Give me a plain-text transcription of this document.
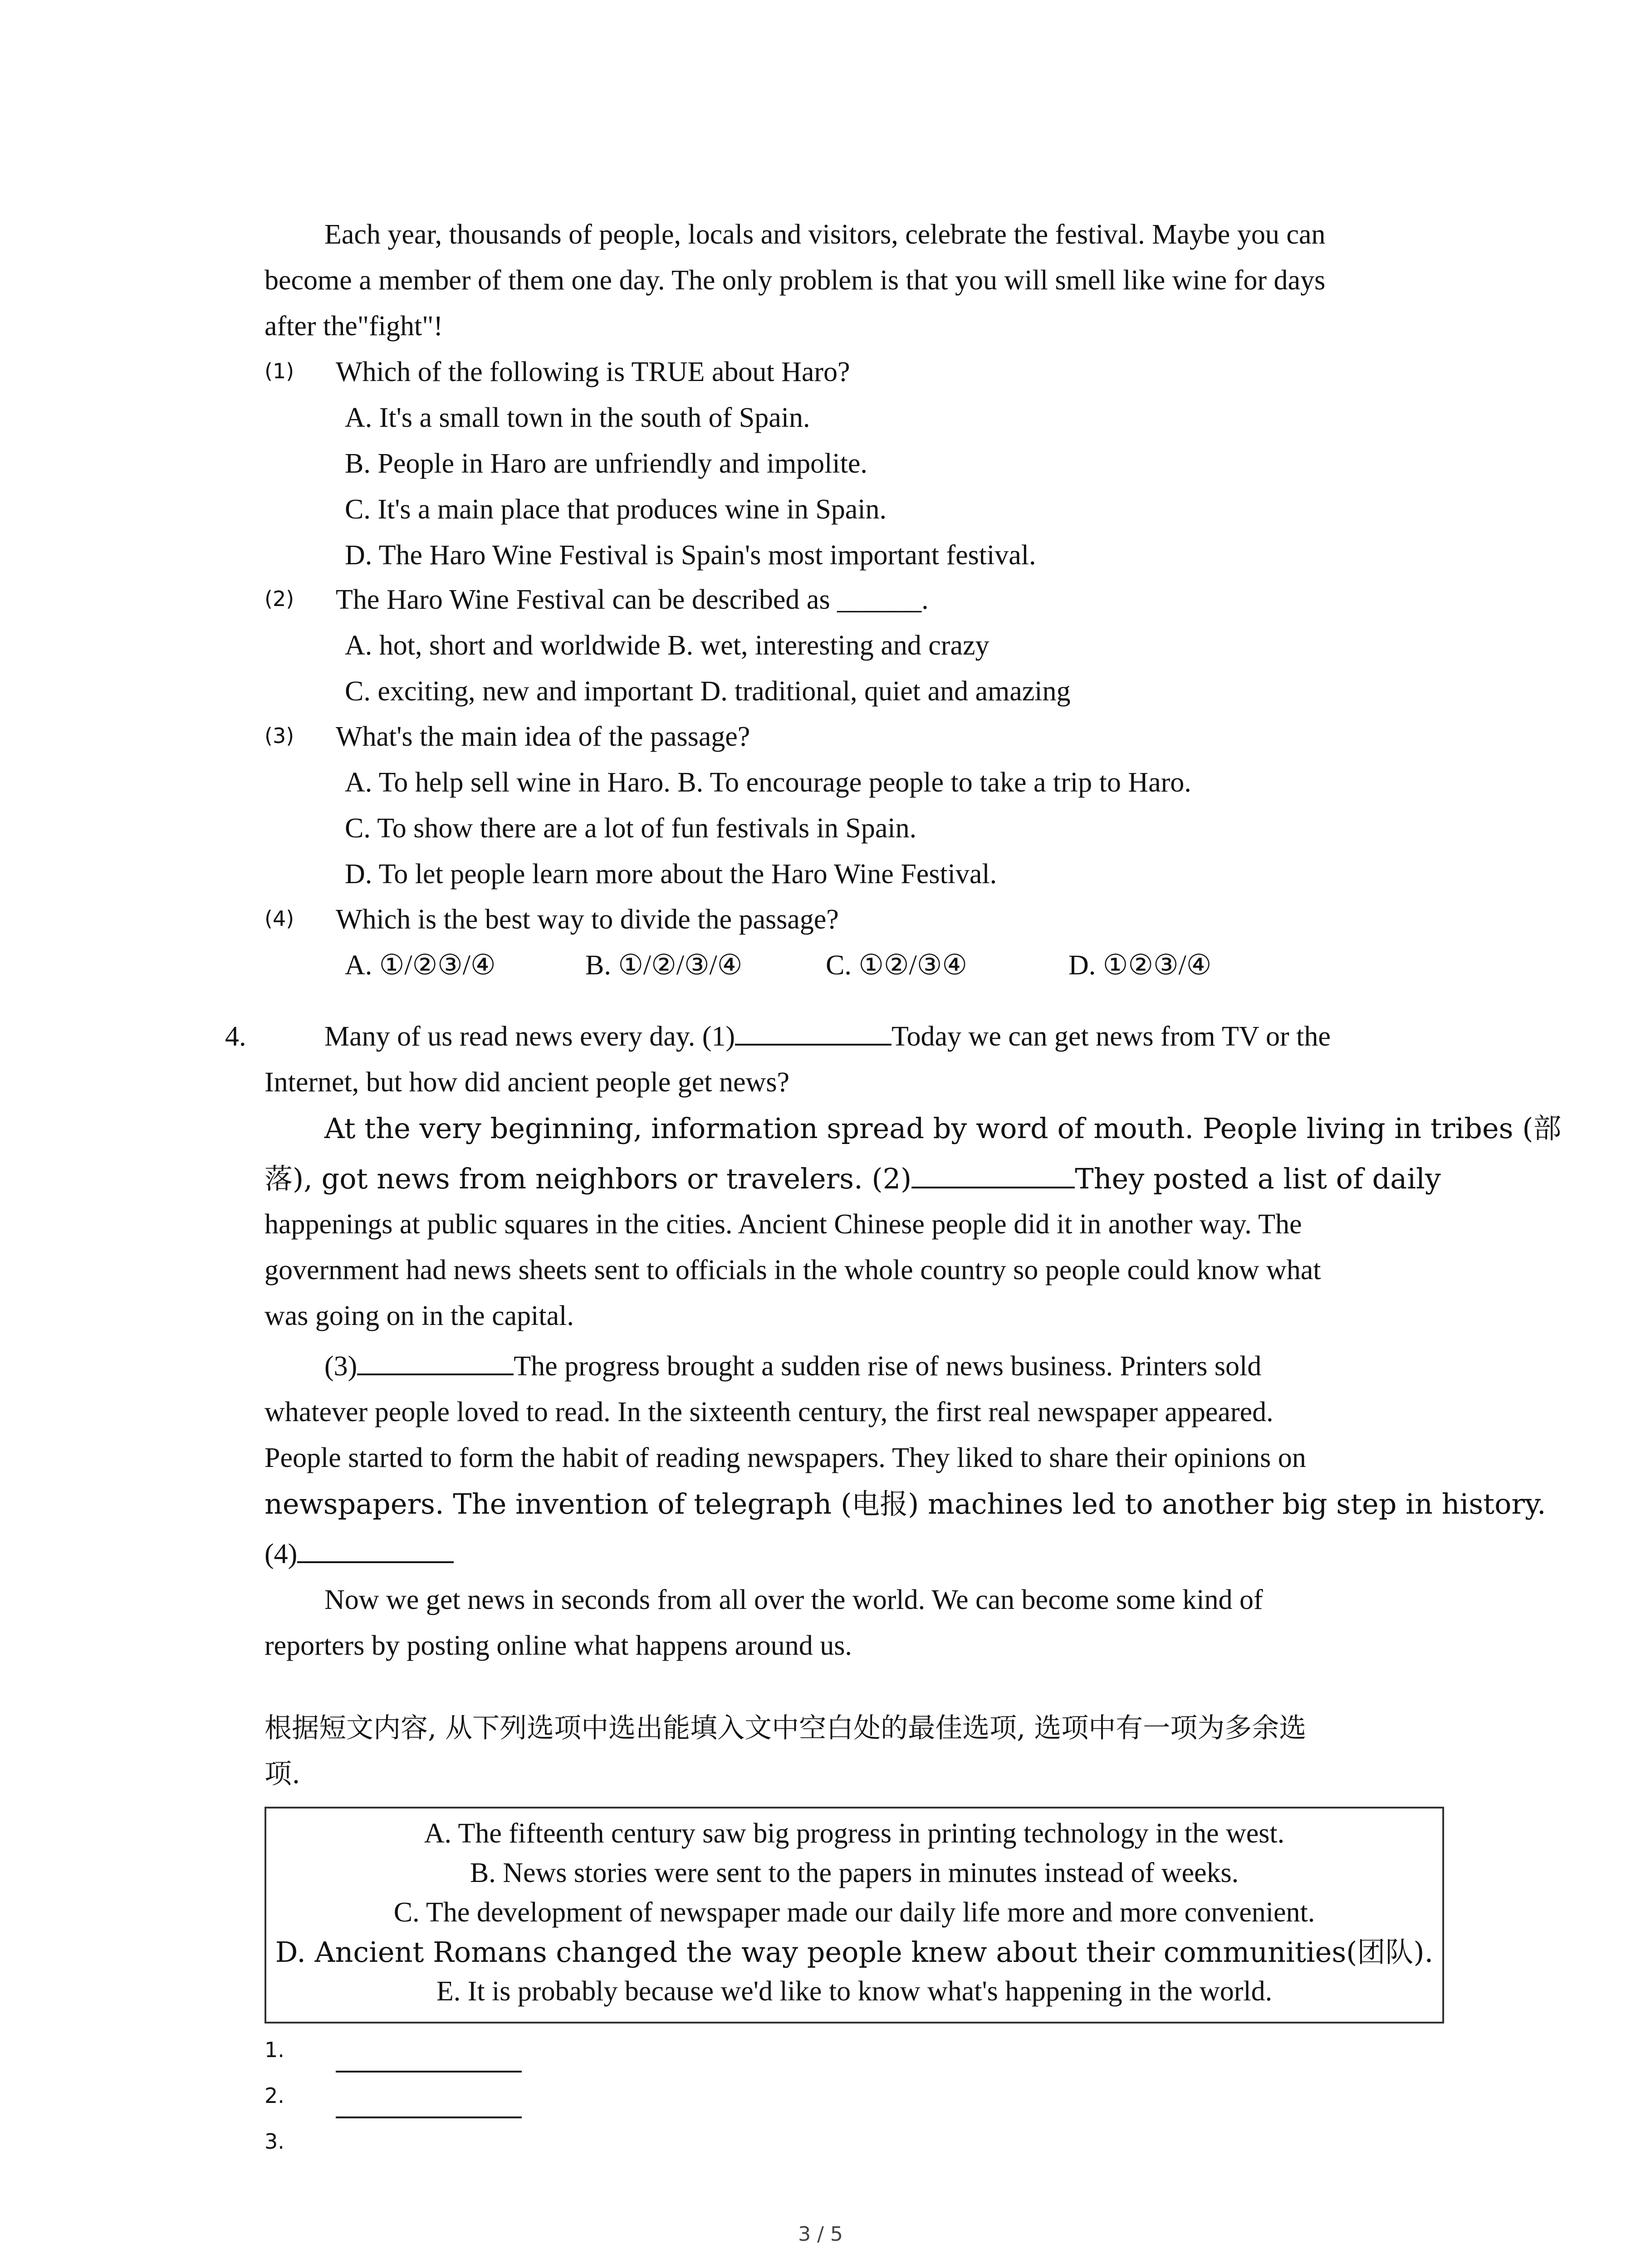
Each year, thousands of people, locals and visitors, celebrate the festival. Maybe you can
become a member of them one day. The only problem is that you will smell like wine for days
after the"fight"!
(1) Which of the following is TRUE about Haro?
A. It's a small town in the south of Spain.
B. People in Haro are unfriendly and impolite.
C. It's a main place that produces wine in Spain.
D. The Haro Wine Festival is Spain's most important festival.
(2) The Haro Wine Festival can be described as ______.
A. hot, short and worldwide B. wet, interesting and crazy
C. exciting, new and important D. traditional, quiet and amazing
(3) What's the main idea of the passage?
A. To help sell wine in Haro. B. To encourage people to take a trip to Haro.
C. To show there are a lot of fun festivals in Spain.
D. To let people learn more about the Haro Wine Festival.
(4) Which is the best way to divide the passage?
A. ①/②③/④	B. ①/②/③/④	C. ①②/③④	D. ①②③/④
4.	Many of us read news every day. (1)	Today we can get news from TV or the
Internet, but how did ancient people get news?
At the very beginning, information spread by word of mouth. People living in tribes (部
落), got news from neighbors or travelers. (2)	They posted a list of daily
happenings at public squares in the cities. Ancient Chinese people did it in another way. The
government had news sheets sent to officials in the whole country so people could know what
was going on in the capital.
(3)	The progress brought a sudden rise of news business. Printers sold
whatever people loved to read. In the sixteenth century, the first real newspaper appeared.
People started to form the habit of reading newspapers. They liked to share their opinions on
newspapers. The invention of telegraph (电报) machines led to another big step in history.
(4)
Now we get news in seconds from all over the world. We can become some kind of
reporters by posting online what happens around us.
根据短文内容, 从下列选项中选出能填入文中空白处的最佳选项, 选项中有一项为多余选
项.
A. The fifteenth century saw big progress in printing technology in the west.
B. News stories were sent to the papers in minutes instead of weeks.
C. The development of newspaper made our daily life more and more convenient.
D. Ancient Romans changed the way people knew about their communities(团队).
E. It is probably because we'd like to know what's happening in the world.
1.
2.
3.
3 / 5
